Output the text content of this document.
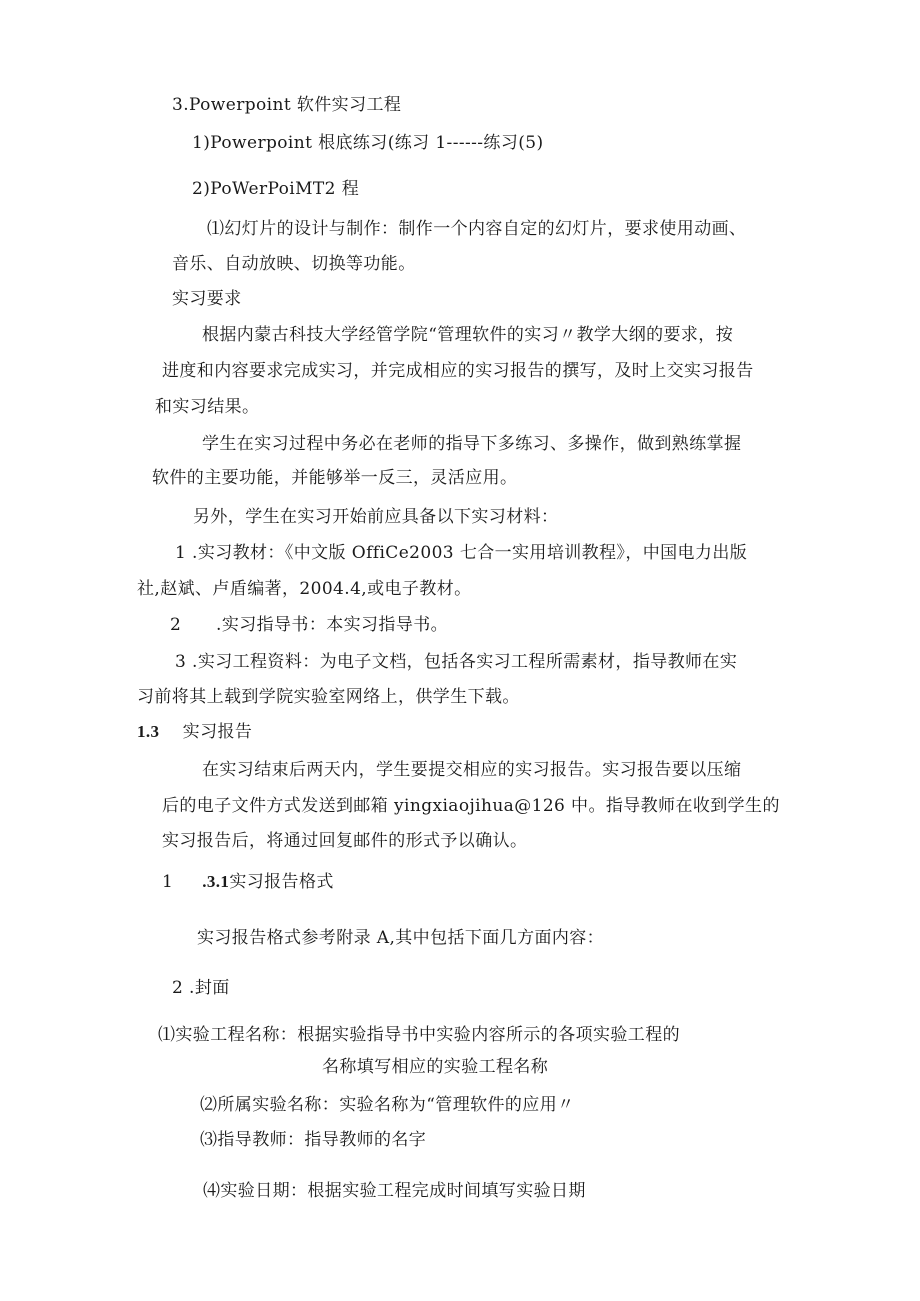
3.Powerpoint 软件实习工程
1)Powerpoint 根底练习(练习 1------练习(5)
2)PoWerPoiMT2 程
⑴幻灯片的设计与制作：制作一个内容自定的幻灯片，要求使用动画、
音乐、自动放映、切换等功能。
实习要求
根据内蒙古科技大学经管学院“管理软件的实习〃教学大纲的要求，按
进度和内容要求完成实习，并完成相应的实习报告的撰写，及时上交实习报告
和实习结果。
学生在实习过程中务必在老师的指导下多练习、多操作，做到熟练掌握
软件的主要功能，并能够举一反三，灵活应用。
另外，学生在实习开始前应具备以下实习材料：
1 .实习教材：《中文版 OffiCe2003 七合一实用培训教程》，中国电力出版
社,赵斌、卢盾编著，2004.4,或电子教材。
2　　.实习指导书：本实习指导书。
3 .实习工程资料：为电子文档，包括各实习工程所需素材，指导教师在实
习前将其上载到学院实验室网络上，供学生下载。
1.3 实习报告
在实习结束后两天内，学生要提交相应的实习报告。实习报告要以压缩
后的电子文件方式发送到邮箱 yingxiaojihua@126 中。指导教师在收到学生的
实习报告后，将通过回复邮件的形式予以确认。
1　  .3.1实习报告格式
实习报告格式参考附录 A,其中包括下面几方面内容：
2 .封面
⑴实验工程名称：根据实验指导书中实验内容所示的各项实验工程的
名称填写相应的实验工程名称
⑵所属实验名称：实验名称为“管理软件的应用〃
⑶指导教师：指导教师的名字
⑷实验日期：根据实验工程完成时间填写实验日期
